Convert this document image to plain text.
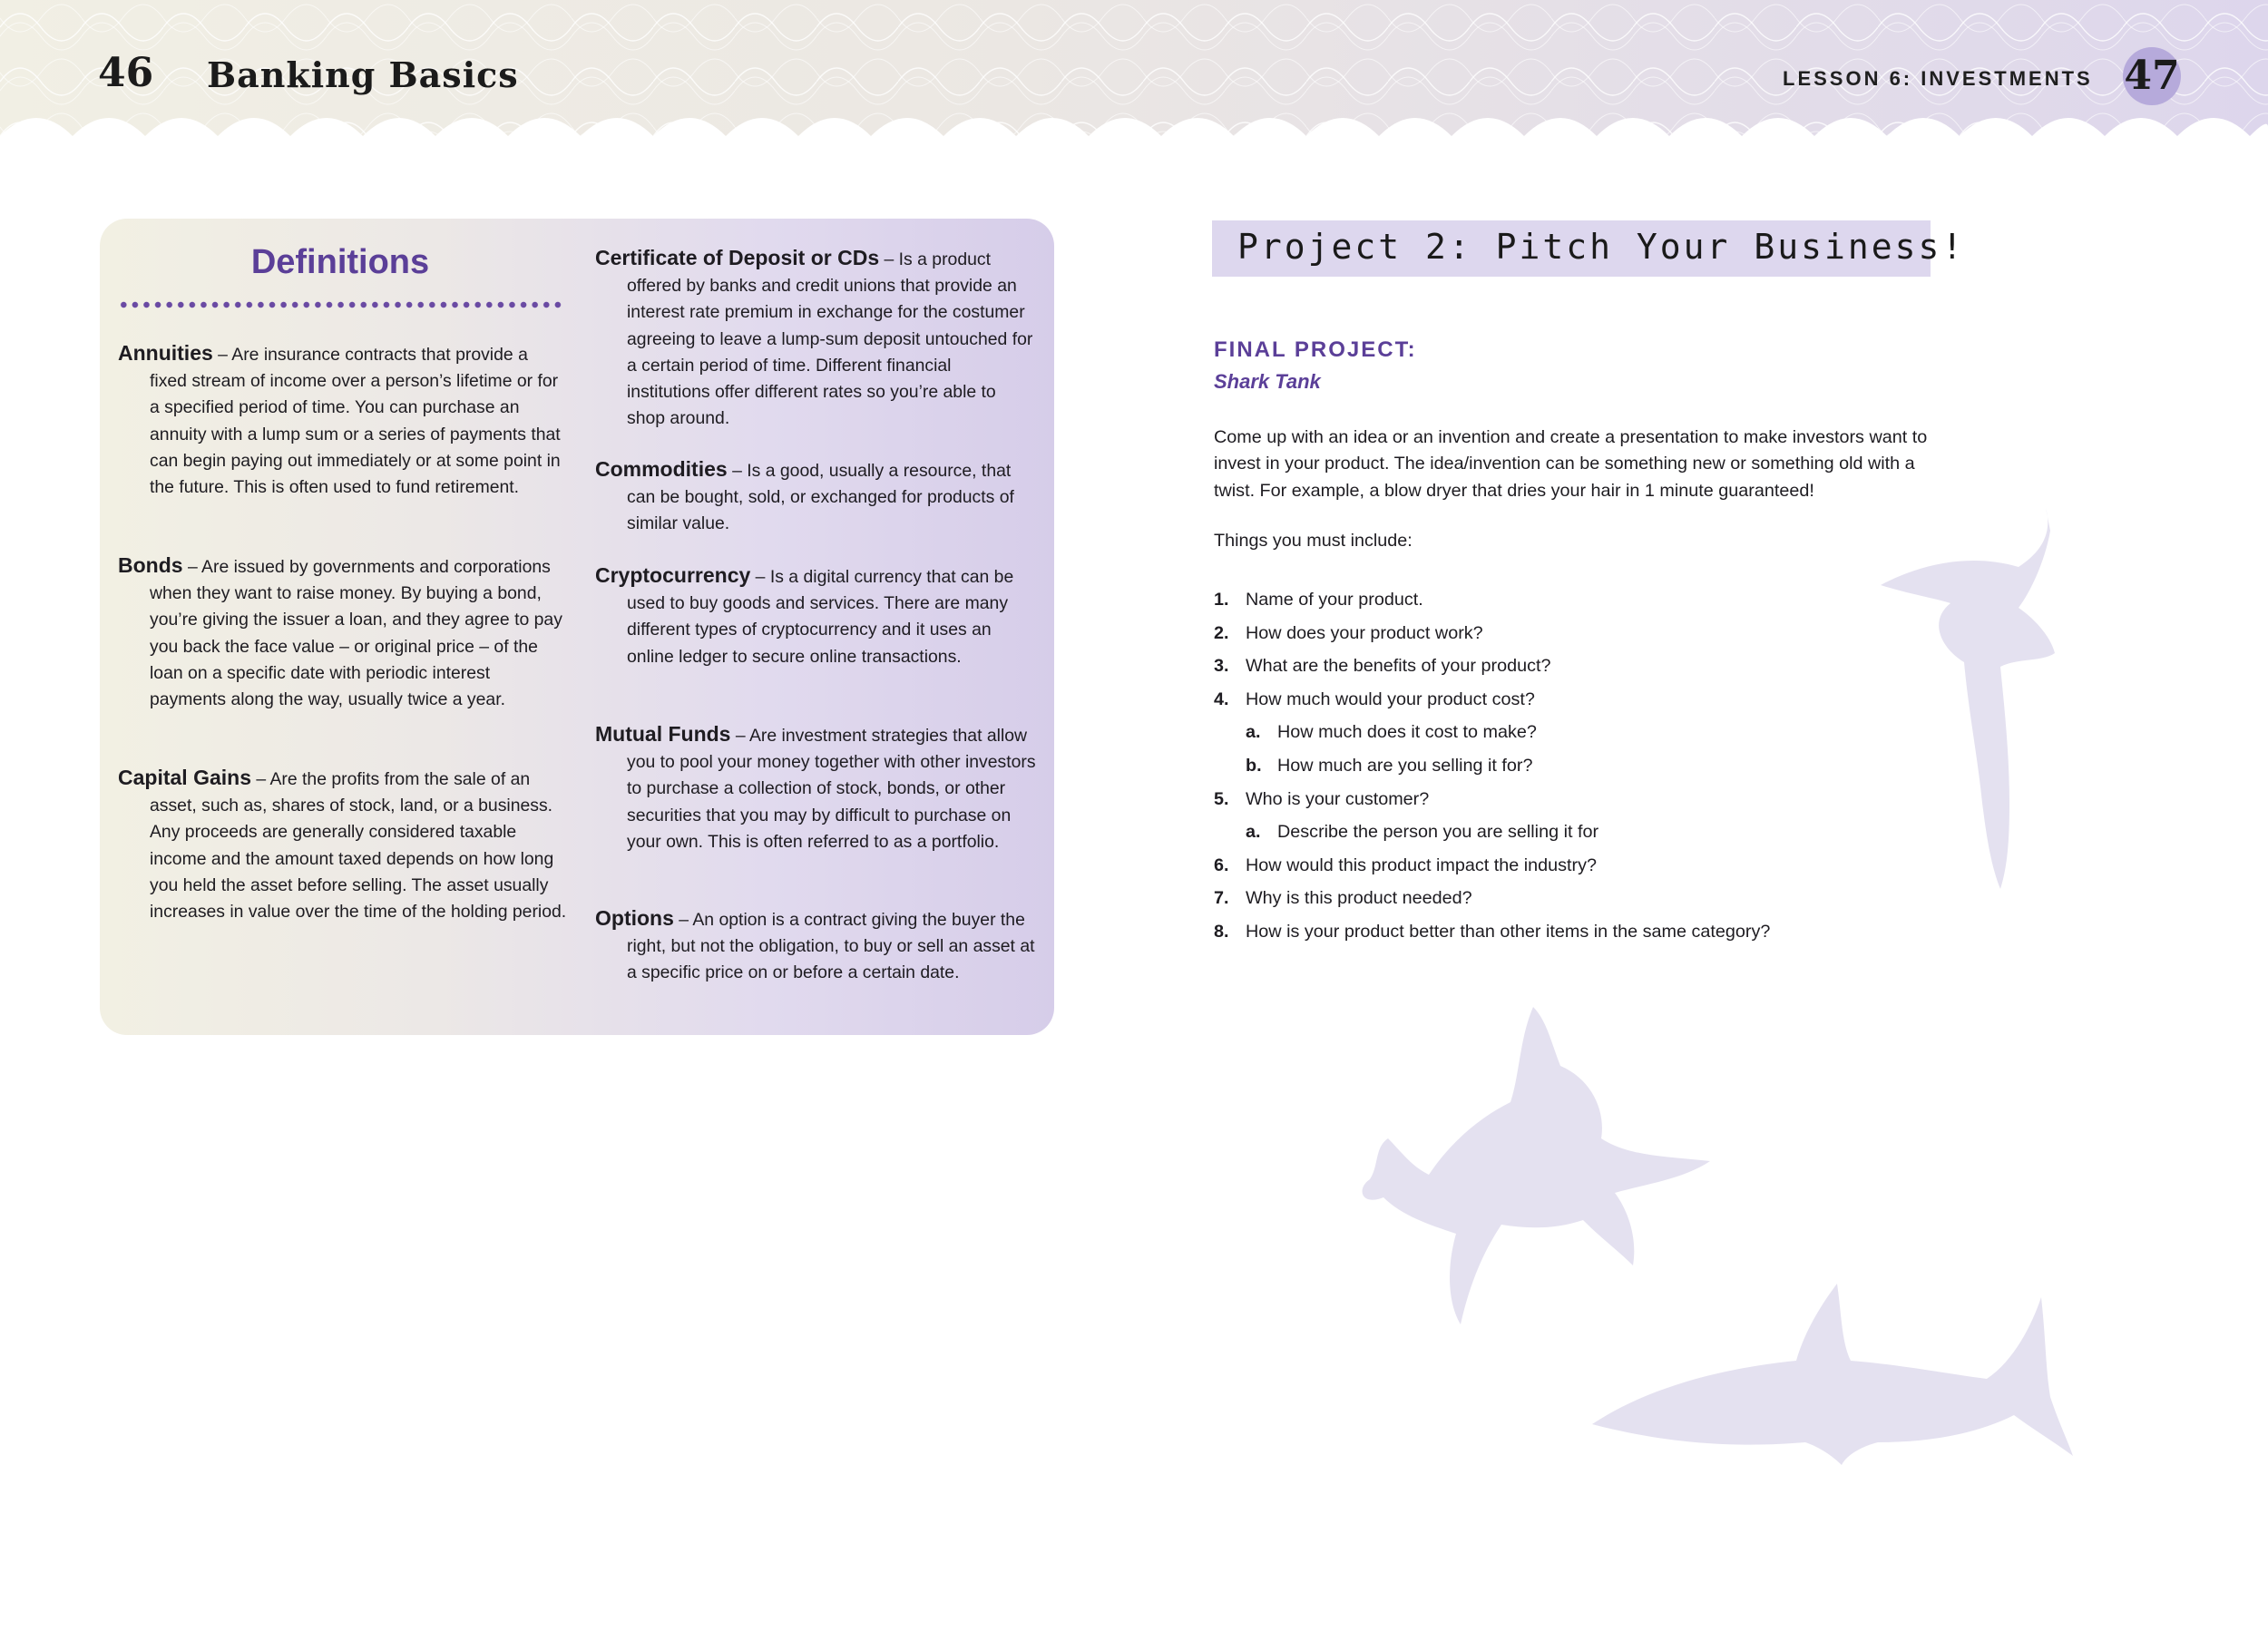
46 Banking Basics	LESSON 6: INVESTMENTS 47
Definitions

Annuities – Are insurance contracts that provide a fixed stream of income over a person’s lifetime or for a specified period of time. You can purchase an annuity with a lump sum or a series of payments that can begin paying out immediately or at some point in the future. This is often used to fund retirement.

Bonds – Are issued by governments and corporations when they want to raise money. By buying a bond, you’re giving the issuer a loan, and they agree to pay you back the face value – or original price – of the loan on a specific date with periodic interest payments along the way, usually twice a year.

Capital Gains – Are the profits from the sale of an asset, such as, shares of stock, land, or a business. Any proceeds are generally considered taxable income and the amount taxed depends on how long you held the asset before selling. The asset usually increases in value over the time of the holding period.

Certificate of Deposit or CDs – Is a product offered by banks and credit unions that provide an interest rate premium in exchange for the costumer agreeing to leave a lump-sum deposit untouched for a certain period of time. Different financial institutions offer different rates so you’re able to shop around.

Commodities – Is a good, usually a resource, that can be bought, sold, or exchanged for products of similar value.

Cryptocurrency – Is a digital currency that can be used to buy goods and services. There are many different types of cryptocurrency and it uses an online ledger to secure online transactions.

Mutual Funds – Are investment strategies that allow you to pool your money together with other investors to purchase a collection of stock, bonds, or other securities that you may by difficult to purchase on your own. This is often referred to as a portfolio.

Options – An option is a contract giving the buyer the right, but not the obligation, to buy or sell an asset at a specific price on or before a certain date.

Project 2: Pitch Your Business!
FINAL PROJECT:
Shark Tank
Come up with an idea or an invention and create a presentation to make investors want to invest in your product. The idea/invention can be something new or something old with a twist. For example, a blow dryer that dries your hair in 1 minute guaranteed!
Things you must include:
1. Name of your product.
2. How does your product work?
3. What are the benefits of your product?
4. How much would your product cost?
a. How much does it cost to make?
b. How much are you selling it for?
5. Who is your customer?
a. Describe the person you are selling it for
6. How would this product impact the industry?
7. Why is this product needed?
8. How is your product better than other items in the same category?
